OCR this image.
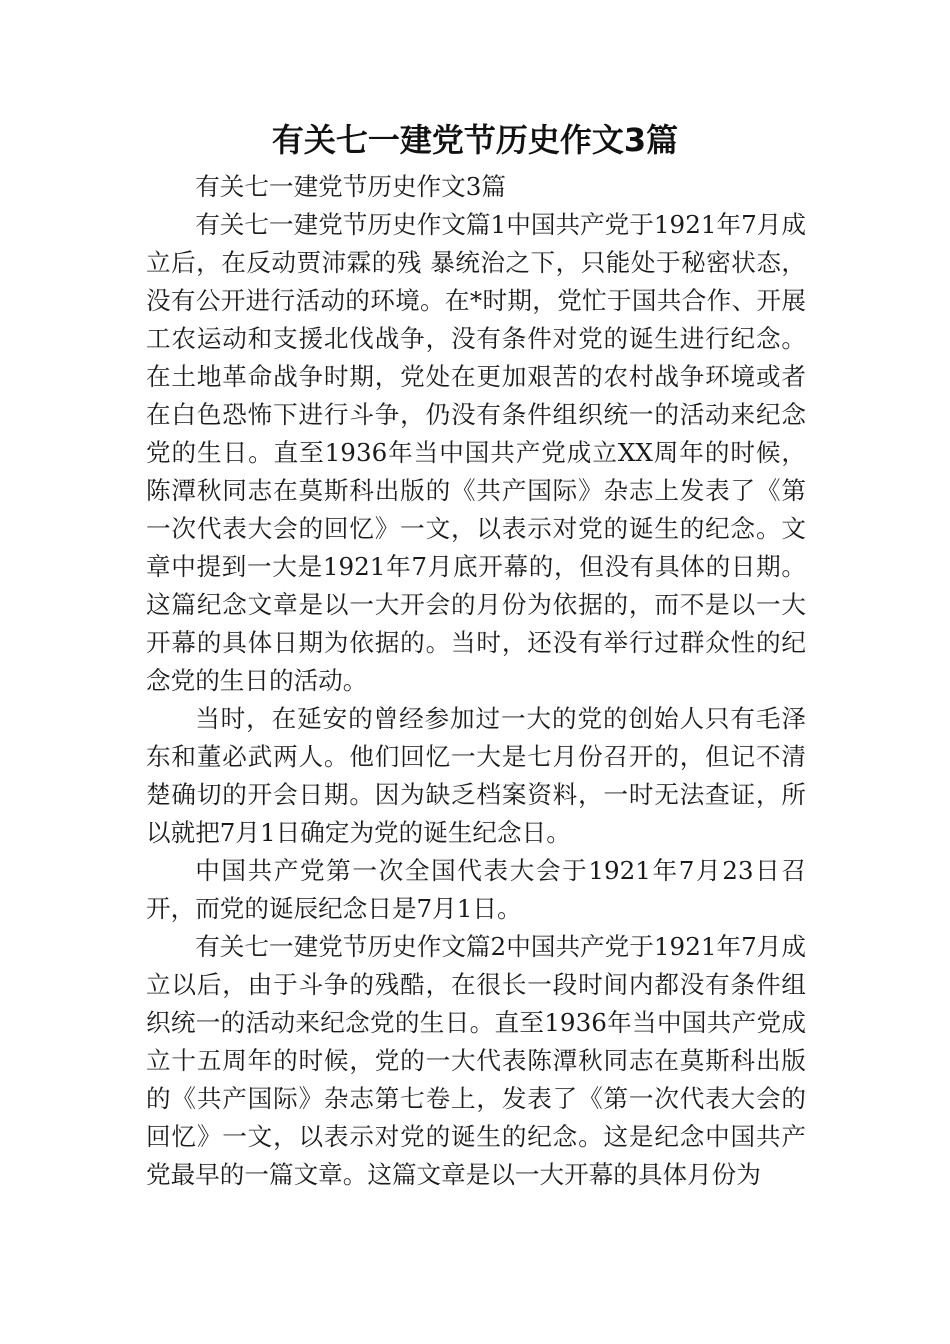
有关七一建党节历史作文3篇

有关七一建党节历史作文3篇

有关七一建党节历史作文篇1中国共产党于1921年7月成立后，在反动贾沛霖的残 暴统治之下，只能处于秘密状态，没有公开进行活动的环境。在*时期，党忙于国共合作、开展工农运动和支援北伐战争，没有条件对党的诞生进行纪念。在土地革命战争时期，党处在更加艰苦的农村战争环境或者在白色恐怖下进行斗争，仍没有条件组织统一的活动来纪念党的生日。直至1936年当中国共产党成立XX周年的时候，陈潭秋同志在莫斯科出版的《共产国际》杂志上发表了《第一次代表大会的回忆》一文，以表示对党的诞生的纪念。文章中提到一大是1921年7月底开幕的，但没有具体的日期。这篇纪念文章是以一大开会的月份为依据的，而不是以一大开幕的具体日期为依据的。当时，还没有举行过群众性的纪念党的生日的活动。

当时，在延安的曾经参加过一大的党的创始人只有毛泽东和董必武两人。他们回忆一大是七月份召开的，但记不清楚确切的开会日期。因为缺乏档案资料，一时无法查证，所以就把7月1日确定为党的诞生纪念日。

中国共产党第一次全国代表大会于1921年7月23日召开，而党的诞辰纪念日是7月1日。

有关七一建党节历史作文篇2中国共产党于1921年7月成立以后，由于斗争的残酷，在很长一段时间内都没有条件组织统一的活动来纪念党的生日。直至1936年当中国共产党成立十五周年的时候，党的一大代表陈潭秋同志在莫斯科出版的《共产国际》杂志第七卷上，发表了《第一次代表大会的回忆》一文，以表示对党的诞生的纪念。这是纪念中国共产党最早的一篇文章。这篇文章是以一大开幕的具体月份为
